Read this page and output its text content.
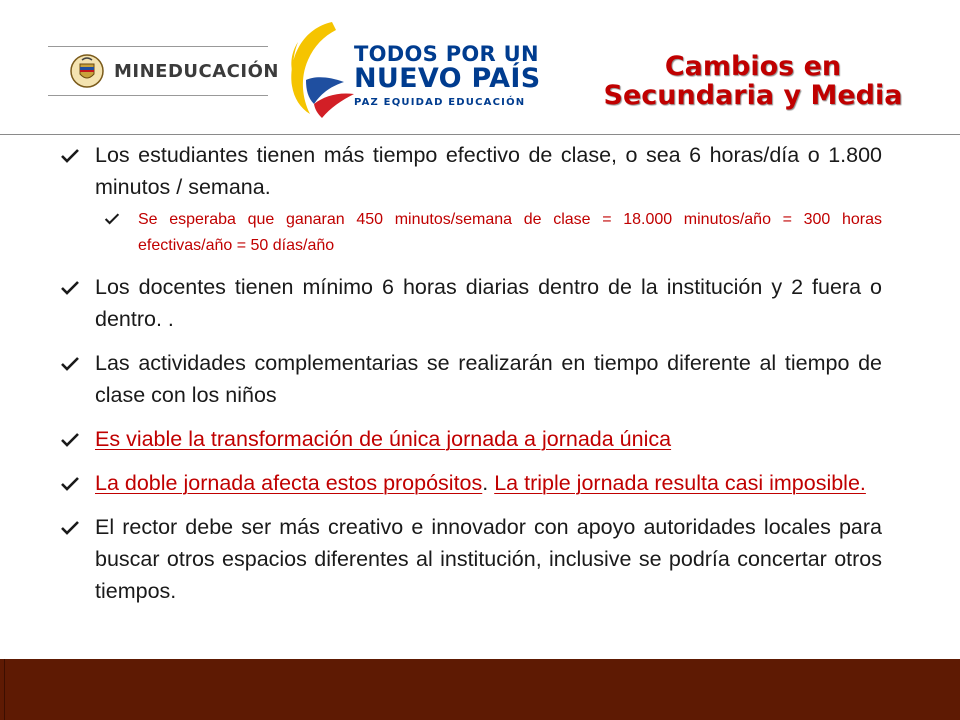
MINEDUCACIÓN
TODOS POR UN
NUEVO PAÍS
PAZ EQUIDAD EDUCACIÓN
Cambios en
Secundaria y Media
Los estudiantes tienen más tiempo efectivo de clase, o sea 6 horas/día o 1.800 minutos / semana.
Se esperaba que ganaran 450 minutos/semana de clase = 18.000 minutos/año = 300 horas efectivas/año = 50 días/año
Los docentes tienen mínimo 6 horas diarias dentro de la institución y 2 fuera o dentro. .
Las actividades complementarias se realizarán en tiempo diferente al tiempo de clase con los niños
Es viable la transformación de única jornada a jornada única
La doble jornada afecta estos propósitos. La triple jornada resulta casi imposible.
El rector debe ser más creativo e innovador con apoyo autoridades locales para buscar otros espacios diferentes al institución, inclusive se podría concertar otros tiempos.
